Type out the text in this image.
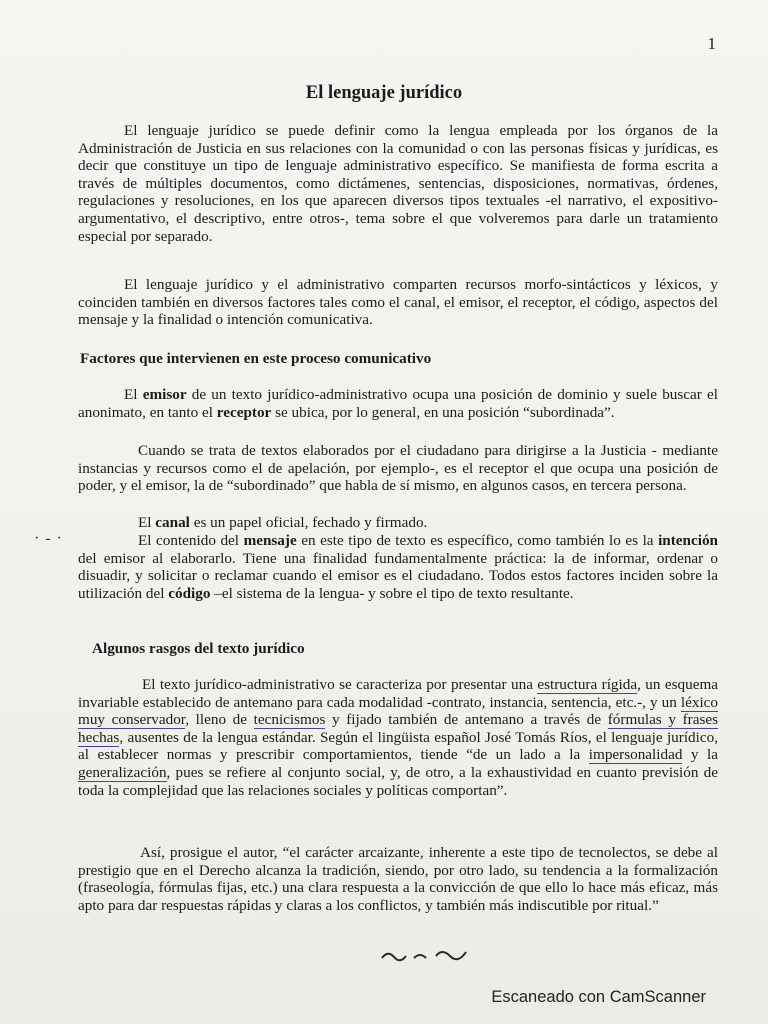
1
El lenguaje jurídico

El lenguaje jurídico se puede definir como la lengua empleada por los órganos de la Administración de Justicia en sus relaciones con la comunidad o con las personas físicas y jurídicas, es decir que constituye un tipo de lenguaje administrativo específico. Se manifiesta de forma escrita a través de múltiples documentos, como dictámenes, sentencias, disposiciones, normativas, órdenes, regulaciones y resoluciones, en los que aparecen diversos tipos textuales -el narrativo, el expositivo-argumentativo, el descriptivo, entre otros-, tema sobre el que volveremos para darle un tratamiento especial por separado.

El lenguaje jurídico y el administrativo comparten recursos morfo-sintácticos y léxicos, y coinciden también en diversos factores tales como el canal, el emisor, el receptor, el código, aspectos del mensaje y la finalidad o intención comunicativa.

Factores que intervienen en este proceso comunicativo

El emisor de un texto jurídico-administrativo ocupa una posición de dominio y suele buscar el anonimato, en tanto el receptor se ubica, por lo general, en una posición “subordinada”.

Cuando se trata de textos elaborados por el ciudadano para dirigirse a la Justicia - mediante instancias y recursos como el de apelación, por ejemplo-, es el receptor el que ocupa una posición de poder, y el emisor, la de “subordinado” que habla de sí mismo, en algunos casos, en tercera persona.

El canal es un papel oficial, fechado y firmado.

El contenido del mensaje en este tipo de texto es específico, como también lo es la intención del emisor al elaborarlo. Tiene una finalidad fundamentalmente práctica: la de informar, ordenar o disuadir, y solicitar o reclamar cuando el emisor es el ciudadano. Todos estos factores inciden sobre la utilización del código –el sistema de la lengua- y sobre el tipo de texto resultante.

Algunos rasgos del texto jurídico

El texto jurídico-administrativo se caracteriza por presentar una estructura rígida, un esquema invariable establecido de antemano para cada modalidad -contrato, instancia, sentencia, etc.-, y un léxico muy conservador, lleno de tecnicismos y fijado también de antemano a través de fórmulas y frases hechas, ausentes de la lengua estándar. Según el lingüista español José Tomás Ríos, el lenguaje jurídico, al establecer normas y prescribir comportamientos, tiende “de un lado a la impersonalidad y la generalización, pues se refiere al conjunto social, y, de otro, a la exhaustividad en cuanto previsión de toda la complejidad que las relaciones sociales y políticas comportan”.

Así, prosigue el autor, “el carácter arcaizante, inherente a este tipo de tecnolectos, se debe al prestigio que en el Derecho alcanza la tradición, siendo, por otro lado, su tendencia a la formalización (fraseología, fórmulas fijas, etc.) una clara respuesta a la convicción de que ello lo hace más eficaz, más apto para dar respuestas rápidas y claras a los conflictos, y también más indiscutible por ritual.”

·-·
Escaneado con CamScanner
